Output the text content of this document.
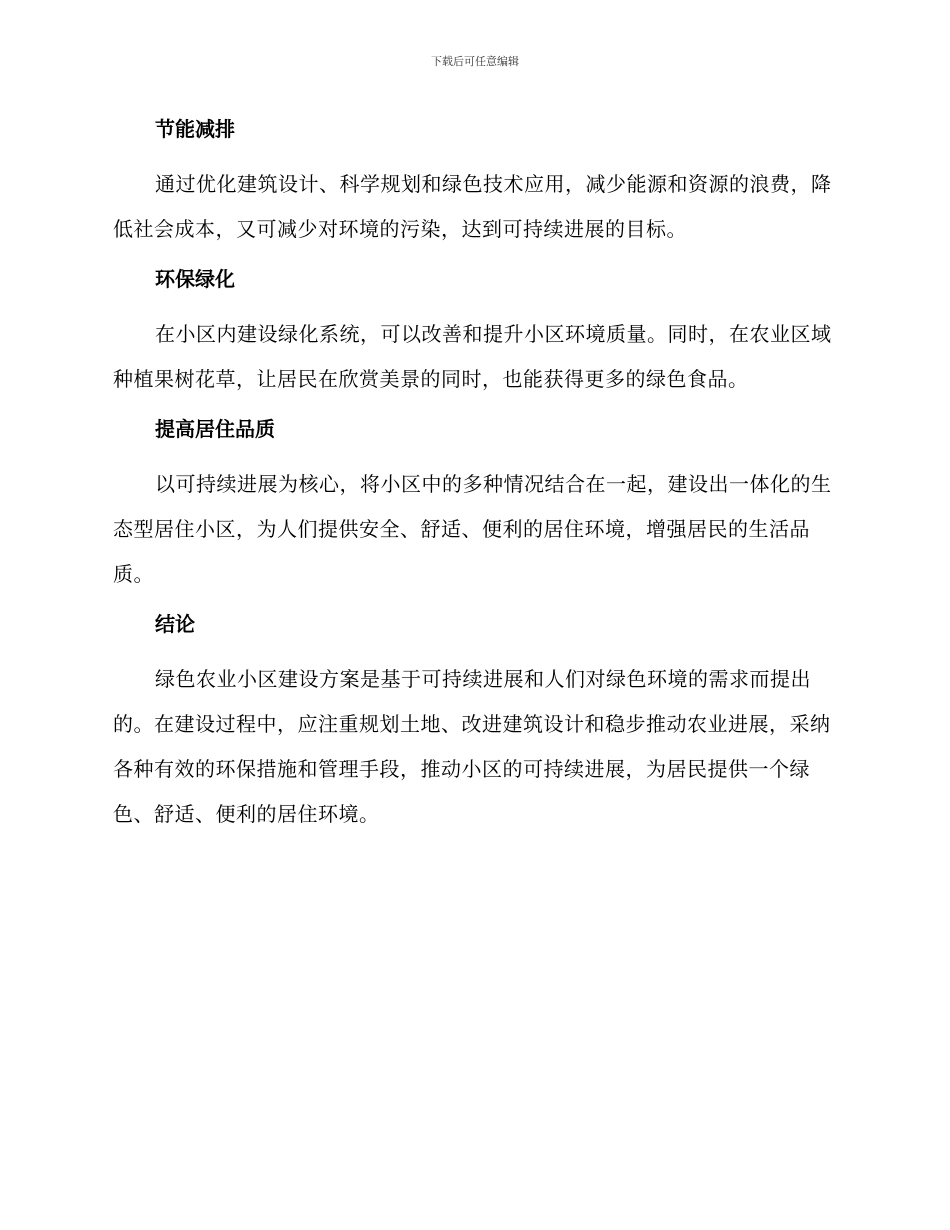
下载后可任意编辑
节能减排

通过优化建筑设计、科学规划和绿色技术应用，减少能源和资源的浪费，降低社会成本，又可减少对环境的污染，达到可持续进展的目标。

环保绿化

在小区内建设绿化系统，可以改善和提升小区环境质量。同时，在农业区域种植果树花草，让居民在欣赏美景的同时，也能获得更多的绿色食品。

提高居住品质

以可持续进展为核心，将小区中的多种情况结合在一起，建设出一体化的生态型居住小区，为人们提供安全、舒适、便利的居住环境，增强居民的生活品质。

结论

绿色农业小区建设方案是基于可持续进展和人们对绿色环境的需求而提出的。在建设过程中，应注重规划土地、改进建筑设计和稳步推动农业进展，采纳各种有效的环保措施和管理手段，推动小区的可持续进展，为居民提供一个绿色、舒适、便利的居住环境。
